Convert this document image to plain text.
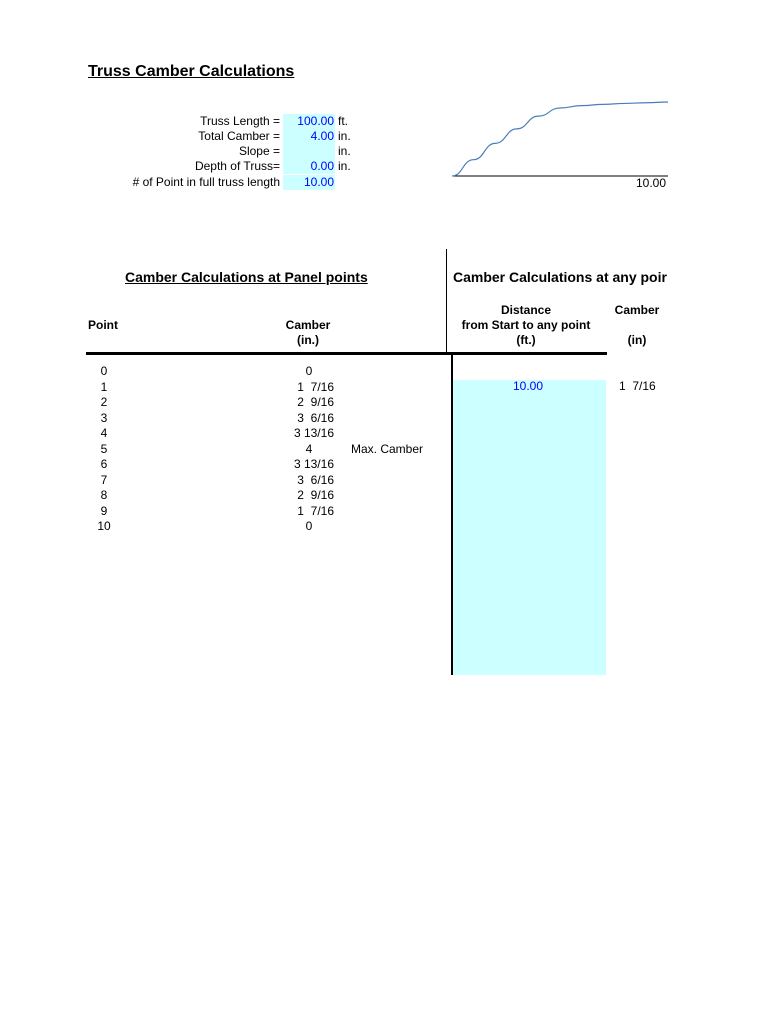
Truss Camber Calculations
Truss Length =	100.00 ft.
Total Camber =	4.00 in.
Slope =	in.
Depth of Truss=	0.00 in.
# of Point in full truss length	10.00	10.00
Camber Calculations at Panel points
Point	Camber
(in.)
Camber Calculations at any poir
Distance
from Start to any point
(ft.)
Camber

(in)
0	0
1	1  7/16
2	2  9/16
3	3  6/16
4	3 13/16
5	4	Max. Camber
6	3 13/16
7	3  6/16
8	2  9/16
9	1  7/16
10	0
10.00	1  7/16
